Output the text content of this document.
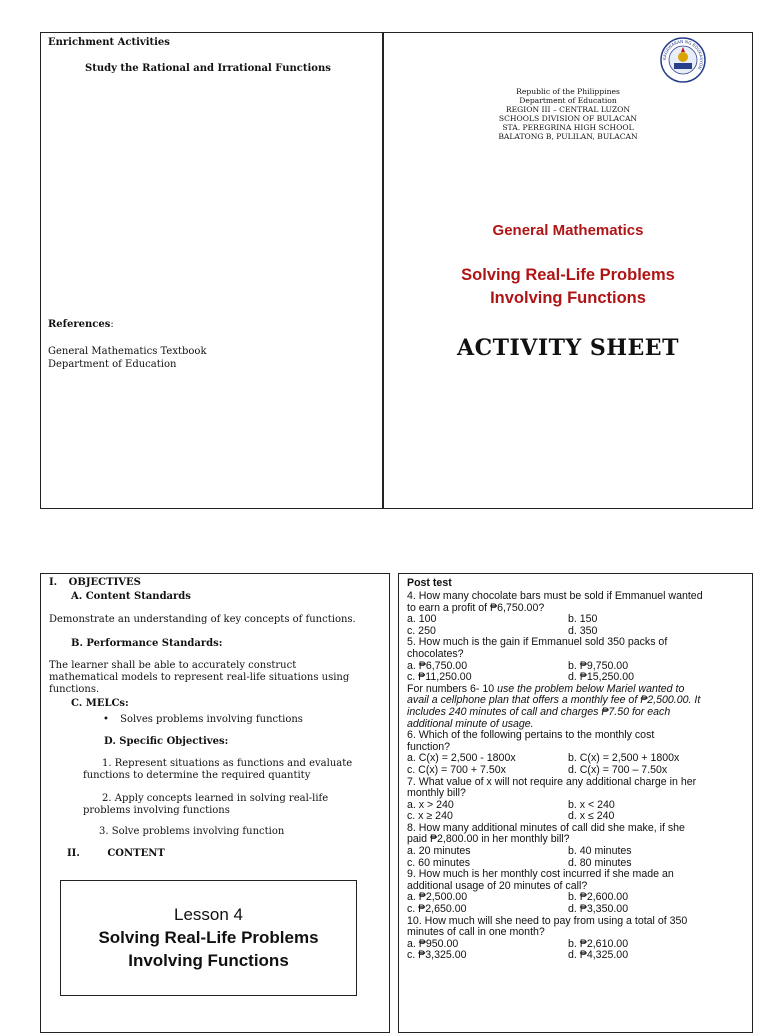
Enrichment Activities
Study the Rational and Irrational Functions
References:
General Mathematics Textbook
Department of Education
KAGAWARAN NG EDUKASYON
Republic of the Philippines
Department of Education
REGION III – CENTRAL LUZON
SCHOOLS DIVISION OF BULACAN
STA. PEREGRINA HIGH SCHOOL
BALATONG B, PULILAN, BULACAN
General Mathematics
Solving Real-Life Problems
Involving Functions
ACTIVITY SHEET
I. OBJECTIVES
A. Content Standards
Demonstrate an understanding of key concepts of functions.
B. Performance Standards:
The learner shall be able to accurately construct
mathematical models to represent real-life situations using
functions.
C. MELCs:
• Solves problems involving functions
D. Specific Objectives:
1. Represent situations as functions and evaluate
functions to determine the required quantity
2. Apply concepts learned in solving real-life
problems involving functions
3. Solve problems involving function
II.	CONTENT
Lesson 4
Solving Real-Life Problems
Involving Functions
Post test
4. How many chocolate bars must be sold if Emmanuel wanted
to earn a profit of ₱6,750.00?
a. 100	b. 150
c. 250	d. 350
5. How much is the gain if Emmanuel sold 350 packs of
chocolates?
a. ₱6,750.00	b. ₱9,750.00
c. ₱11,250.00	d. ₱15,250.00
For numbers 6- 10 use the problem below Mariel wanted to
avail a cellphone plan that offers a monthly fee of ₱2,500.00. It
includes 240 minutes of call and charges ₱7.50 for each
additional minute of usage.
6. Which of the following pertains to the monthly cost
function?
a. C(x) = 2,500 - 1800x	b. C(x) = 2,500 + 1800x
c. C(x) = 700 + 7.50x	d. C(x) = 700 – 7.50x
7. What value of x will not require any additional charge in her
monthly bill?
a. x > 240	b. x < 240
c. x ≥ 240	d. x ≤ 240
8. How many additional minutes of call did she make, if she
paid ₱2,800.00 in her monthly bill?
a. 20 minutes	b. 40 minutes
c. 60 minutes	d. 80 minutes
9. How much is her monthly cost incurred if she made an
additional usage of 20 minutes of call?
a. ₱2,500.00	b. ₱2,600.00
c. ₱2,650.00	d. ₱3,350.00
10. How much will she need to pay from using a total of 350
minutes of call in one month?
a. ₱950.00	b. ₱2,610.00
c. ₱3,325.00	d. ₱4,325.00
